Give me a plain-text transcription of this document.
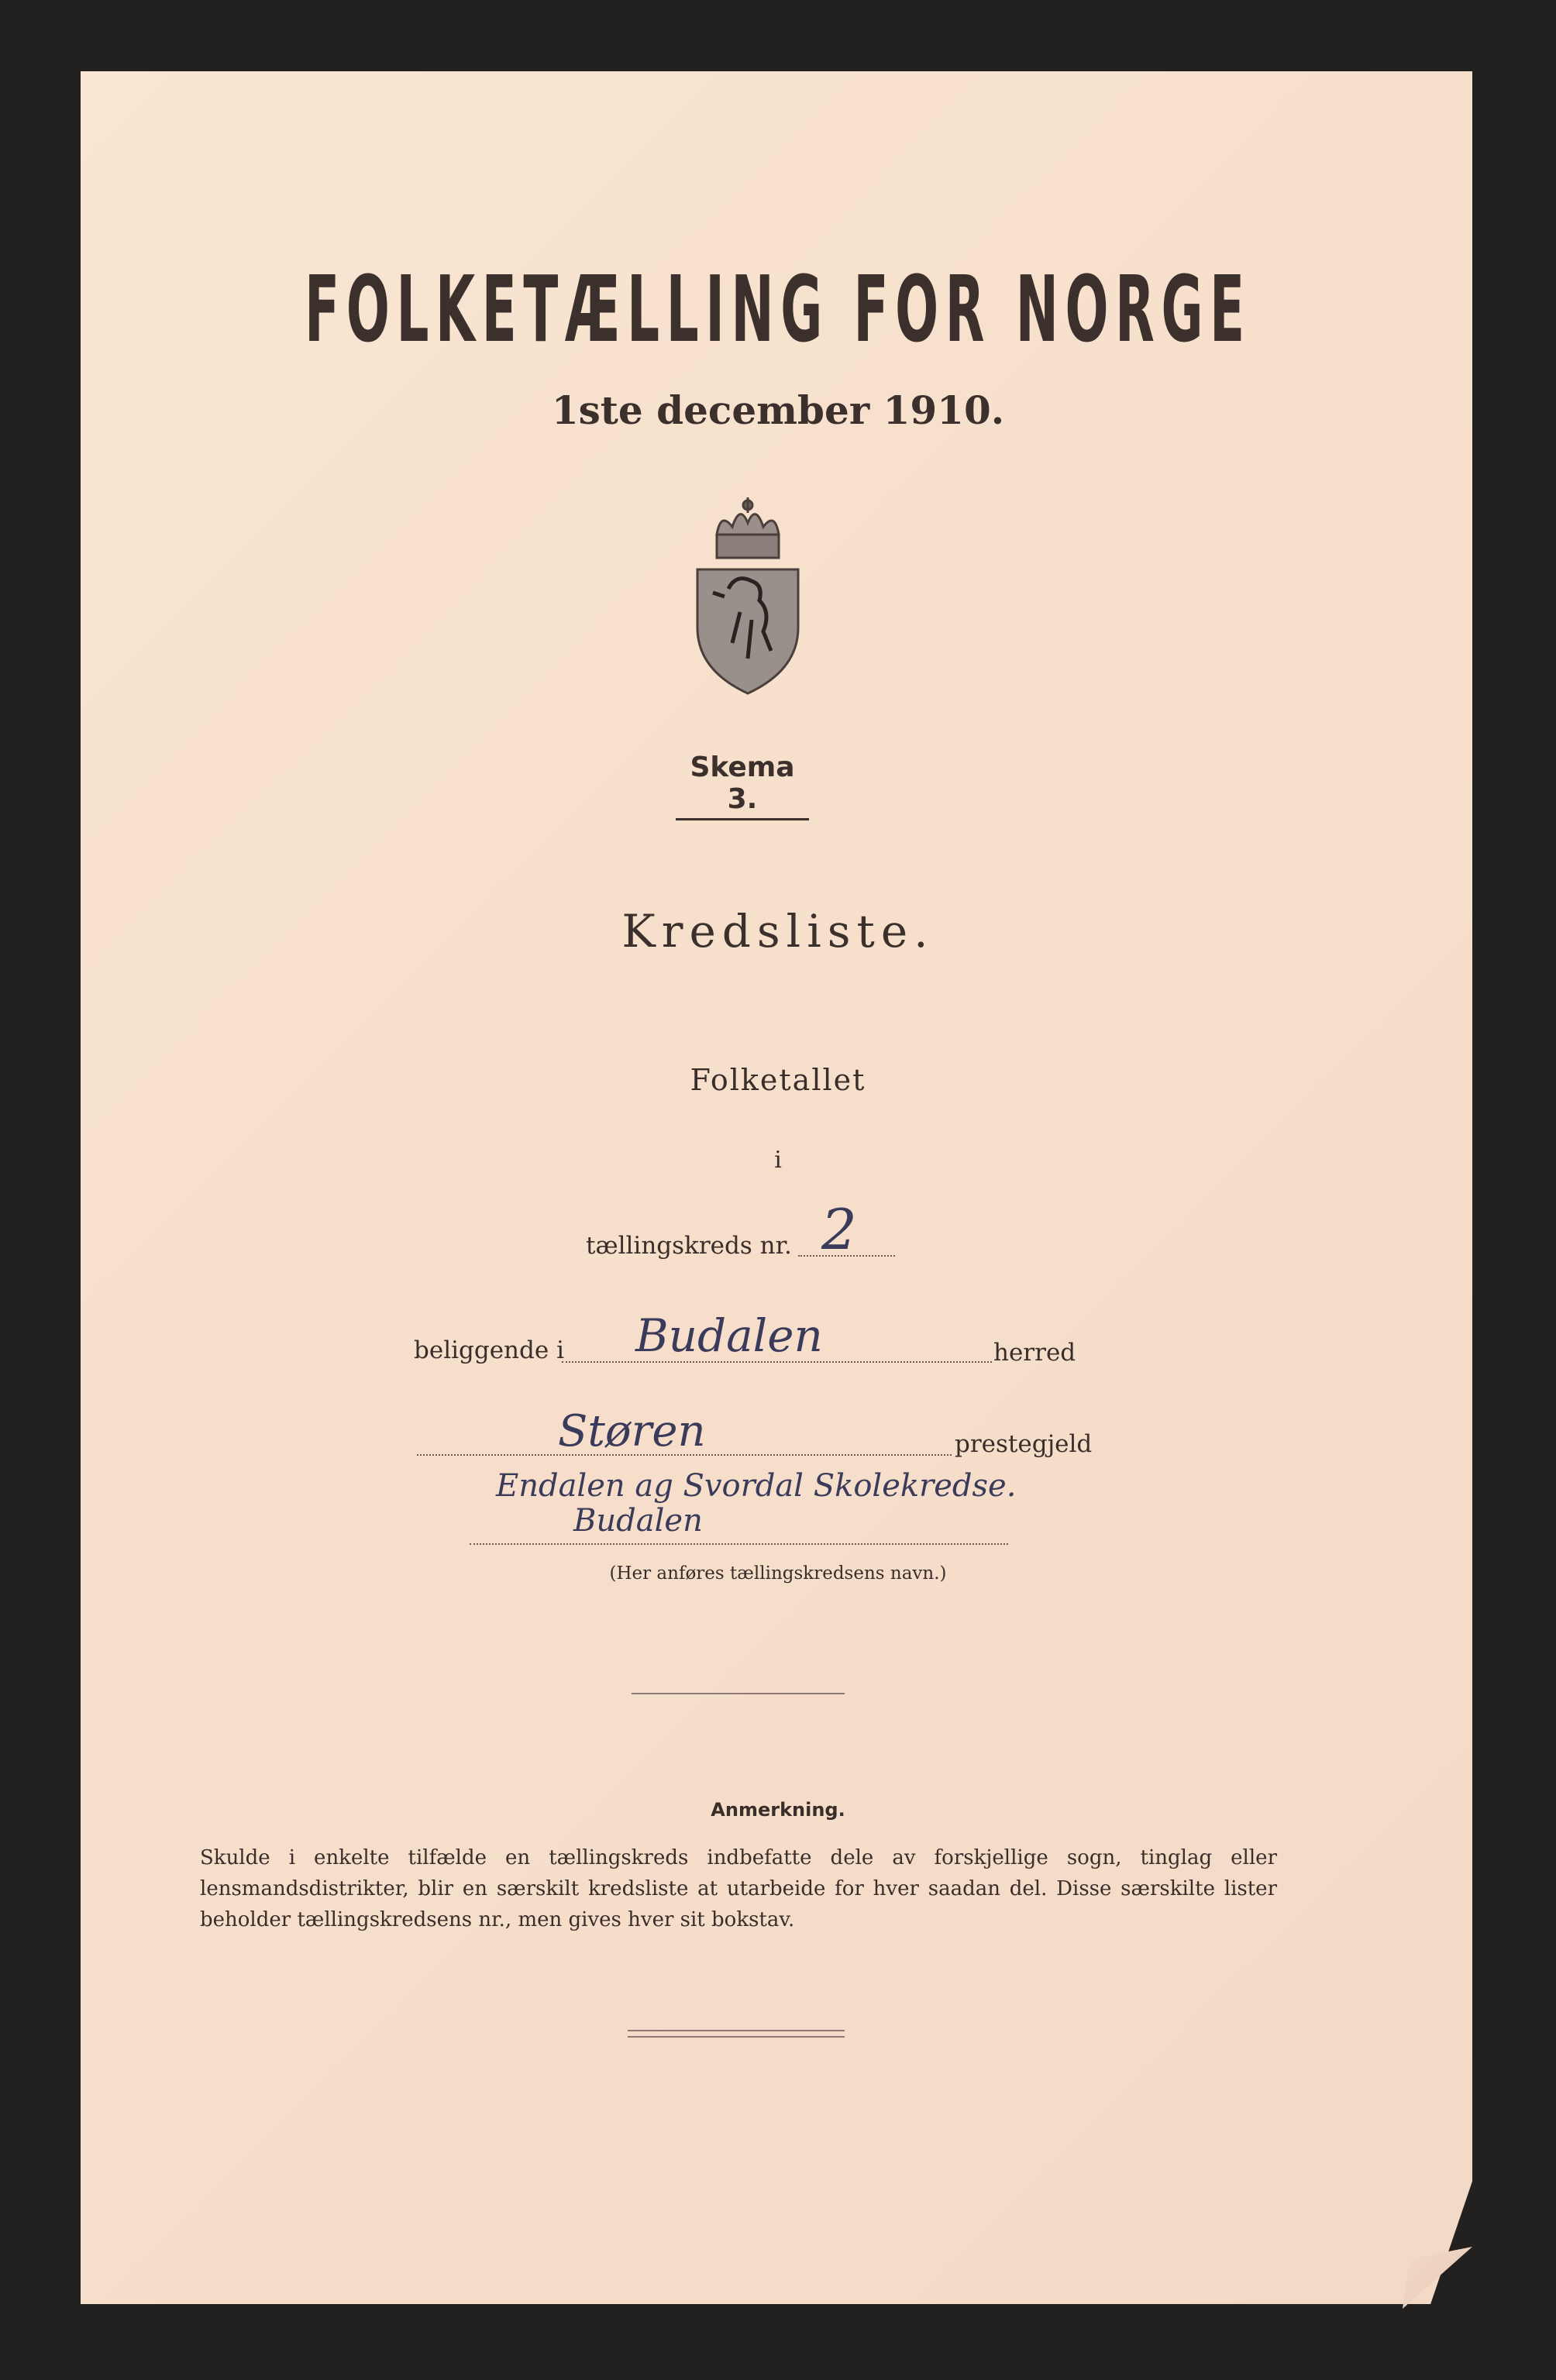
FOLKETÆLLING FOR NORGE
1ste december 1910.
Skema 3.
Kredsliste.
Folketallet
i
tællingskreds nr. 2
beliggende i Budalen	herred
Støren	prestegjeld
Endalen ag Svordal Skolekredse.
Budalen
(Her anføres tællingskredsens navn.)
Anmerkning.
Skulde i enkelte tilfælde en tællingskreds indbefatte dele av forskjellige sogn, tinglag eller lensmandsdistrikter, blir en særskilt kredsliste at utarbeide for hver saadan del. Disse særskilte lister beholder tællingskredsens nr., men gives hver sit bokstav.
